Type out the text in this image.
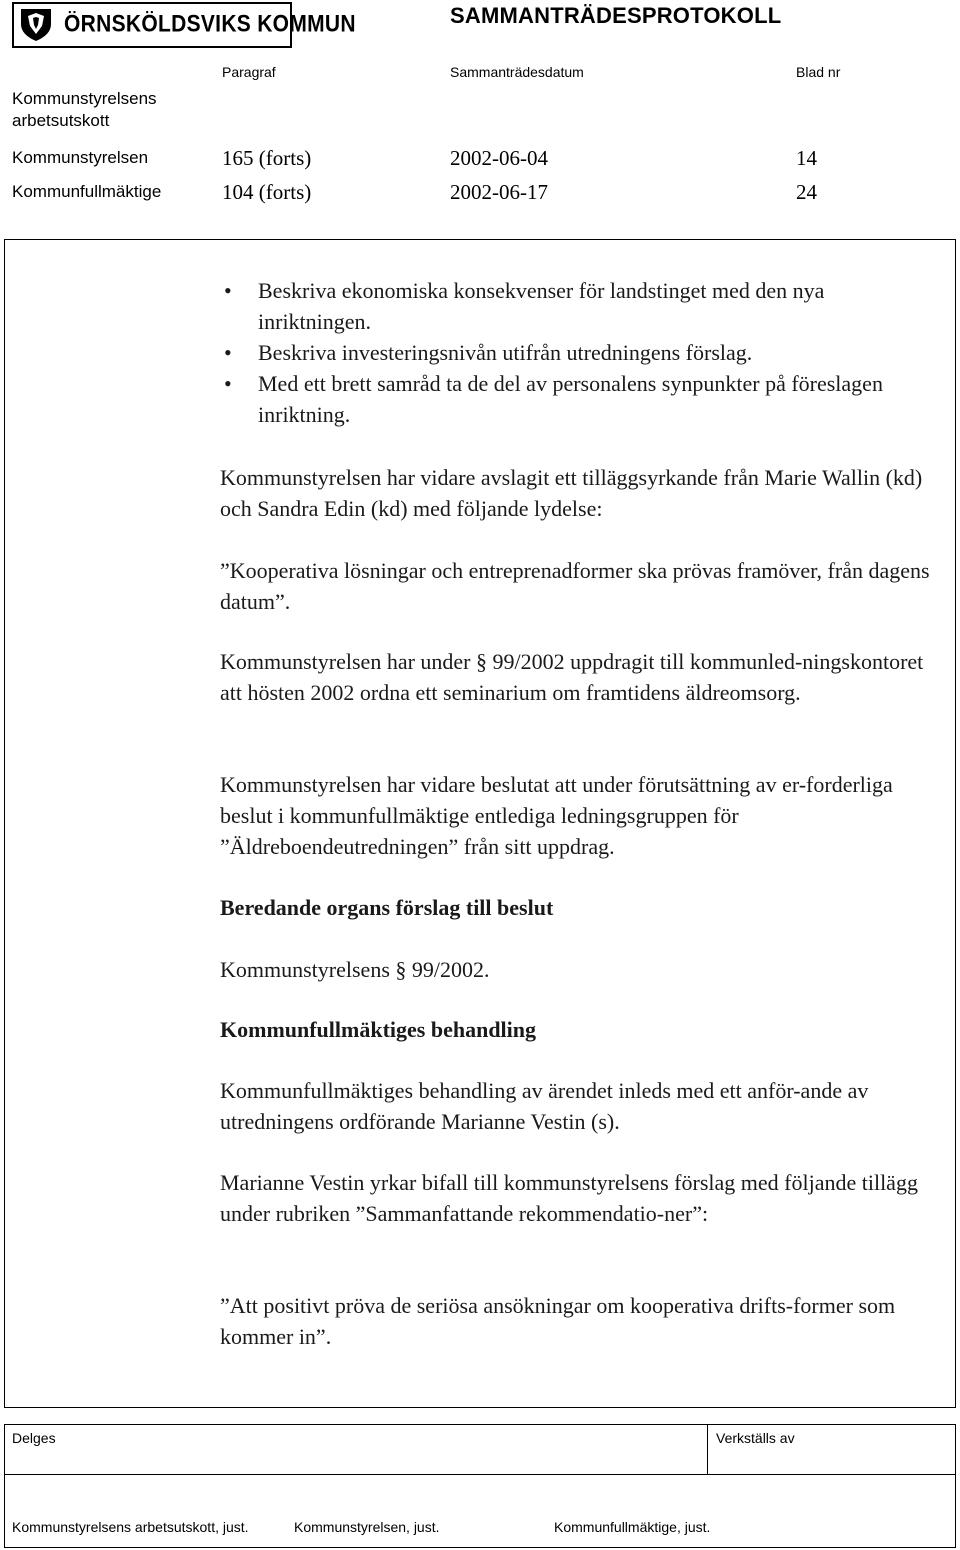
ÖRNSKÖLDSVIKS KOMMUN	SAMMANTRÄDESPROTOKOLL
Paragraf	Sammanträdesdatum	Blad nr
Kommunstyrelsens
arbetsutskott
Kommunstyrelsen	165 (forts)	2002-06-04	14
Kommunfullmäktige	104 (forts)	2002-06-17	24
• Beskriva ekonomiska konsekvenser för landstinget med den nya inriktningen.
• Beskriva investeringsnivån utifrån utredningens förslag.
• Med ett brett samråd ta de del av personalens synpunkter på föreslagen inriktning.
Kommunstyrelsen har vidare avslagit ett tilläggsyrkande från Marie Wallin (kd) och Sandra Edin (kd) med följande lydelse:
”Kooperativa lösningar och entreprenadformer ska prövas framöver, från dagens datum”.
Kommunstyrelsen har under § 99/2002 uppdragit till kommunled-ningskontoret att hösten 2002 ordna ett seminarium om framtidens äldreomsorg.
Kommunstyrelsen har vidare beslutat att under förutsättning av er-forderliga beslut i kommunfullmäktige entlediga ledningsgruppen för ”Äldreboendeutredningen” från sitt uppdrag.
Beredande organs förslag till beslut
Kommunstyrelsens § 99/2002.
Kommunfullmäktiges behandling
Kommunfullmäktiges behandling av ärendet inleds med ett anför-ande av utredningens ordförande Marianne Vestin (s).
Marianne Vestin yrkar bifall till kommunstyrelsens förslag med följande tillägg under rubriken ”Sammanfattande rekommendatio-ner”:
”Att positivt pröva de seriösa ansökningar om kooperativa drifts-former som kommer in”.
Delges	Verkställs av
Kommunstyrelsens arbetsutskott, just.	Kommunstyrelsen, just.	Kommunfullmäktige, just.
